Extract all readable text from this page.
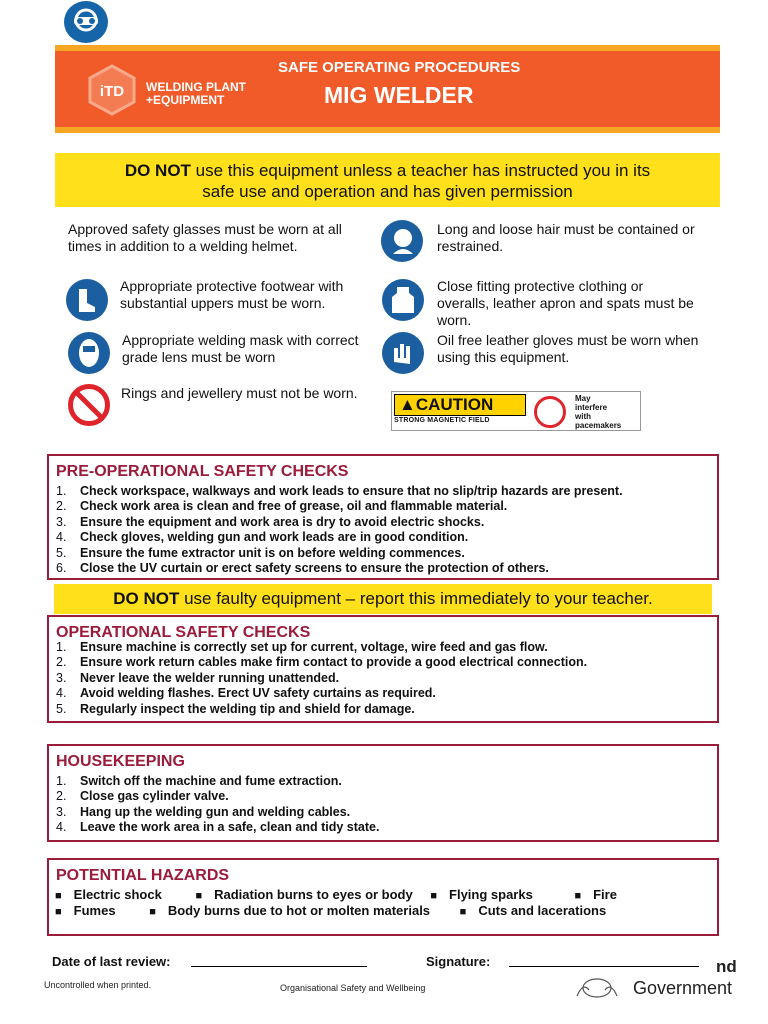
iTD WELDING PLANT
+EQUIPMENT
SAFE OPERATING PROCEDURES
MIG WELDER
DO NOT use this equipment unless a teacher has instructed you in its
safe use and operation and has given permission
Approved safety glasses must be worn at all times in addition to a welding helmet.
Appropriate protective footwear with substantial uppers must be worn.
Appropriate welding mask with correct grade lens must be worn
Rings and jewellery must not be worn.
Long and loose hair must be contained or restrained.
Close fitting protective clothing or overalls, leather apron and spats must be worn.
Oil free leather gloves must be worn when using this equipment.
▲CAUTION
STRONG MAGNETIC FIELD
May
interfere
with
pacemakers
PRE-OPERATIONAL SAFETY CHECKS
1. Check workspace, walkways and work leads to ensure that no slip/trip hazards are present.
2. Check work area is clean and free of grease, oil and flammable material.
3. Ensure the equipment and work area is dry to avoid electric shocks.
4. Check gloves, welding gun and work leads are in good condition.
5. Ensure the fume extractor unit is on before welding commences.
6. Close the UV curtain or erect safety screens to ensure the protection of others.
DO NOT use faulty equipment – report this immediately to your teacher.
OPERATIONAL SAFETY CHECKS
1. Ensure machine is correctly set up for current, voltage, wire feed and gas flow.
2. Ensure work return cables make firm contact to provide a good electrical connection.
3. Never leave the welder running unattended.
4. Avoid welding flashes. Erect UV safety curtains as required.
5. Regularly inspect the welding tip and shield for damage.
HOUSEKEEPING
1. Switch off the machine and fume extraction.
2. Close gas cylinder valve.
3. Hang up the welding gun and welding cables.
4. Leave the work area in a safe, clean and tidy state.
POTENTIAL HAZARDS
■ Electric shock	■ Radiation burns to eyes or body ■ Flying sparks	■ Fire
■ Fumes	■ Body burns due to hot or molten materials	■ Cuts and lacerations
Date of last review:	Signature:
Uncontrolled when printed.	Organisational Safety and Wellbeing	Government
nd
